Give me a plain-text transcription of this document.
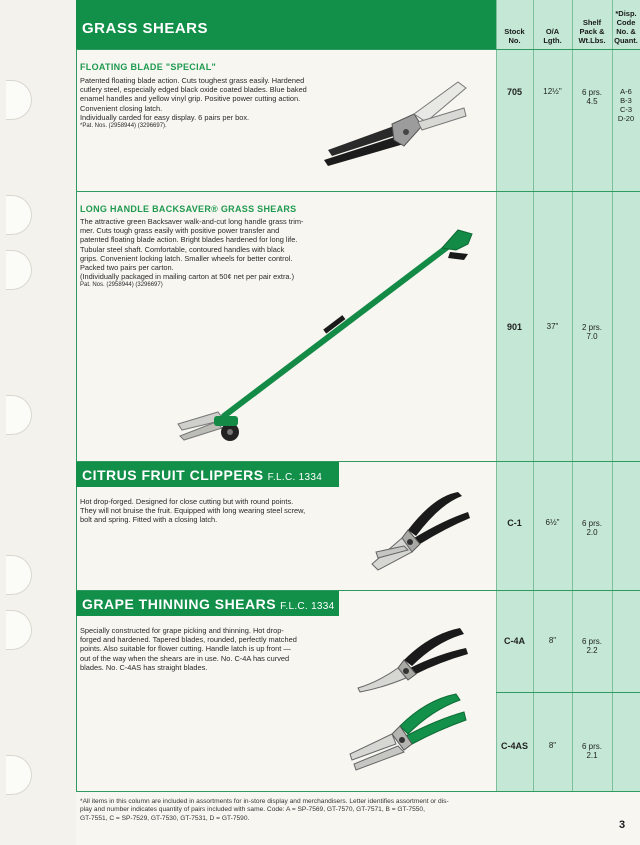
GRASS SHEARS
CITRUS FRUIT CLIPPERS F.L.C. 1334
GRAPE THINNING SHEARS F.L.C. 1334
Stock
No.
O/A
Lgth.
Shelf
Pack &
Wt.Lbs.
*Disp.
Code
No. &
Quant.
FLOATING BLADE "SPECIAL"
Patented floating blade action. Cuts toughest grass easily. Hardened
cutlery steel, especially edged black oxide coated blades. Blue baked
enamel handles and yellow vinyl grip. Positive power cutting action.
Convenient closing latch.
Individually carded for easy display. 6 pairs per box.
*Pat. Nos. (2958944) (3296697).
705	12½"	6 prs.
4.5
A-6
B-3
C-3
D-20
LONG HANDLE BACKSAVER® GRASS SHEARS
The attractive green Backsaver walk-and-cut long handle grass trim-
mer. Cuts tough grass easily with positive power transfer and
patented floating blade action. Bright blades hardened for long life.
Tubular steel shaft. Comfortable, contoured handles with black
grips. Convenient locking latch. Smaller wheels for better control.
Packed two pairs per carton.
(Individually packaged in mailing carton at 50¢ net per pair extra.)
Pat. Nos. (2958944) (3296697)
901	37"	2 prs.
7.0
Hot drop-forged. Designed for close cutting but with round points.
They will not bruise the fruit. Equipped with long wearing steel screw,
bolt and spring. Fitted with a closing latch.	C-1	6½"	6 prs.
2.0
Specially constructed for grape picking and thinning. Hot drop-
forged and hardened. Tapered blades, rounded, perfectly matched
points. Also suitable for flower cutting. Handle latch is up front —
out of the way when the shears are in use. No. C-4A has curved
blades. No. C-4AS has straight blades.
C-4A	8"	6 prs.
2.2
C-4AS	8"	6 prs.
2.1
*All items in this column are included in assortments for in-store display and merchandisers. Letter identifies assortment or dis-
play and number indicates quantity of pairs included with same. Code: A = SP-7569, GT-7570, GT-7571, B = GT-7550,
GT-7551, C = SP-7529, GT-7530, GT-7531, D = GT-7590.
3
